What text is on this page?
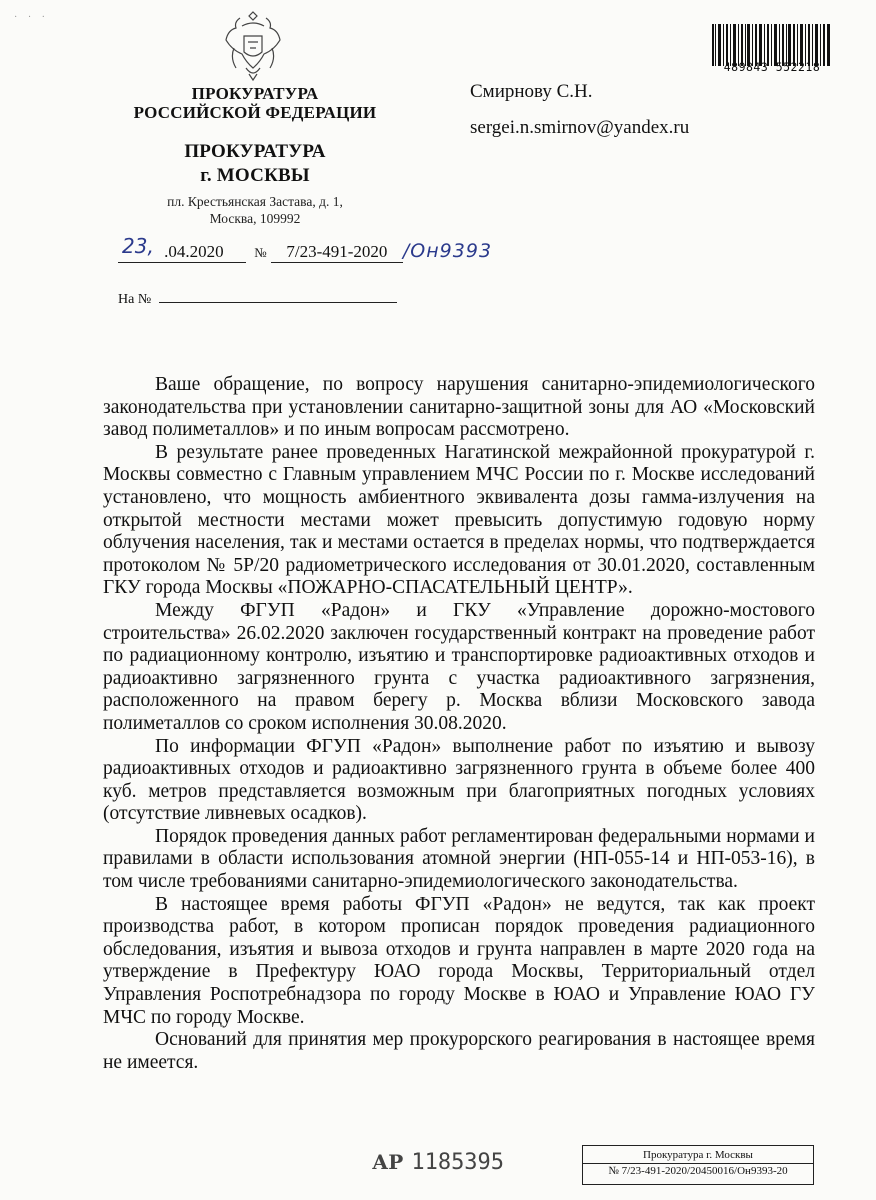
· · ·
ПРОКУРАТУРА
РОССИЙСКОЙ ФЕДЕРАЦИИ
ПРОКУРАТУРА
г. МОСКВЫ
пл. Крестьянская Застава, д. 1,
Москва, 109992
23, .04.2020 № 7/23-491-2020 /Он9393
На №
Смирнову С.Н.
sergei.n.smirnov@yandex.ru
489843 552218

Ваше обращение, по вопросу нарушения санитарно-эпидемиологического законодательства при установлении санитарно-защитной зоны для АО «Московский завод полиметаллов» и по иным вопросам рассмотрено.

В результате ранее проведенных Нагатинской межрайонной прокуратурой г. Москвы совместно с Главным управлением МЧС России по г. Москве исследований установлено, что мощность амбиентного эквивалента дозы гамма-излучения на открытой местности местами может превысить допустимую годовую норму облучения населения, так и местами остается в пределах нормы, что подтверждается протоколом № 5Р/20 радиометрического исследования от 30.01.2020, составленным ГКУ города Москвы «ПОЖАРНО-СПАСАТЕЛЬНЫЙ ЦЕНТР».

Между ФГУП «Радон» и ГКУ «Управление дорожно-мостового строительства» 26.02.2020 заключен государственный контракт на проведение работ по радиационному контролю, изъятию и транспортировке радиоактивных отходов и радиоактивно загрязненного грунта с участка радиоактивного загрязнения, расположенного на правом берегу р. Москва вблизи Московского завода полиметаллов со сроком исполнения 30.08.2020.

По информации ФГУП «Радон» выполнение работ по изъятию и вывозу радиоактивных отходов и радиоактивно загрязненного грунта в объеме более 400 куб. метров представляется возможным при благоприятных погодных условиях (отсутствие ливневых осадков).

Порядок проведения данных работ регламентирован федеральными нормами и правилами в области использования атомной энергии (НП-055-14 и НП-053-16), в том числе требованиями санитарно-эпидемиологического законодательства.

В настоящее время работы ФГУП «Радон» не ведутся, так как проект производства работ, в котором прописан порядок проведения радиационного обследования, изъятия и вывоза отходов и грунта направлен в марте 2020 года на утверждение в Префектуру ЮАО города Москвы, Территориальный отдел Управления Роспотребнадзора по городу Москве в ЮАО и Управление ЮАО ГУ МЧС по городу Москве.

Оснований для принятия мер прокурорского реагирования в настоящее время не имеется.

АР 1185395	Прокуратура г. Москвы
№ 7/23-491-2020/20450016/Он9393-20
